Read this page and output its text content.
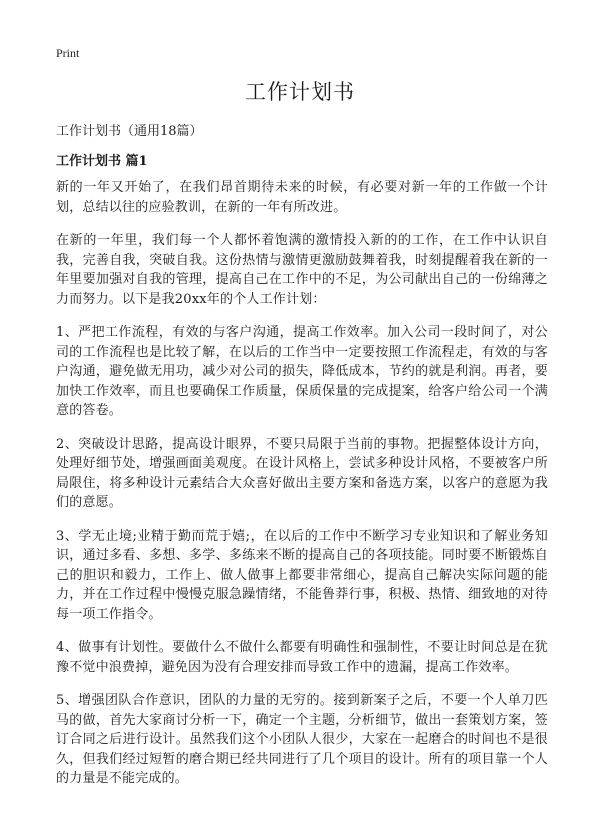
Print
工作计划书

工作计划书（通用18篇）

工作计划书 篇1

新的一年又开始了，在我们昂首期待未来的时候，有必要对新一年的工作做一个计划，总结以往的应验教训，在新的一年有所改进。

在新的一年里，我们每一个人都怀着饱满的激情投入新的的工作，在工作中认识自我，完善自我，突破自我。这份热情与激情更激励鼓舞着我，时刻提醒着我在新的一年里要加强对自我的管理，提高自己在工作中的不足，为公司献出自己的一份绵薄之力而努力。以下是我20xx年的个人工作计划：

1、严把工作流程，有效的与客户沟通，提高工作效率。加入公司一段时间了，对公司的工作流程也是比较了解，在以后的工作当中一定要按照工作流程走，有效的与客户沟通，避免做无用功，减少对公司的损失，降低成本，节约的就是利润。再者，要加快工作效率，而且也要确保工作质量，保质保量的完成提案，给客户给公司一个满意的答卷。

2、突破设计思路，提高设计眼界，不要只局限于当前的事物。把握整体设计方向，处理好细节处，增强画面美观度。在设计风格上，尝试多种设计风格，不要被客户所局限住，将多种设计元素结合大众喜好做出主要方案和备选方案，以客户的意愿为我们的意愿。

3、学无止境;业精于勤而荒于嬉;，在以后的工作中不断学习专业知识和了解业务知识，通过多看、多想、多学、多练来不断的提高自己的各项技能。同时要不断锻炼自己的胆识和毅力，工作上、做人做事上都要非常细心，提高自己解决实际问题的能力，并在工作过程中慢慢克服急躁情绪，不能鲁莽行事，积极、热情、细致地的对待每一项工作指令。

4、做事有计划性。要做什么不做什么都要有明确性和强制性，不要让时间总是在犹豫不觉中浪费掉，避免因为没有合理安排而导致工作中的遗漏，提高工作效率。

5、增强团队合作意识，团队的力量的无穷的。接到新案子之后，不要一个人单刀匹马的做，首先大家商讨分析一下，确定一个主题，分析细节，做出一套策划方案，签订合同之后进行设计。虽然我们这个小团队人很少，大家在一起磨合的时间也不是很久，但我们经过短暂的磨合期已经共同进行了几个项目的设计。所有的项目靠一个人的力量是不能完成的。
